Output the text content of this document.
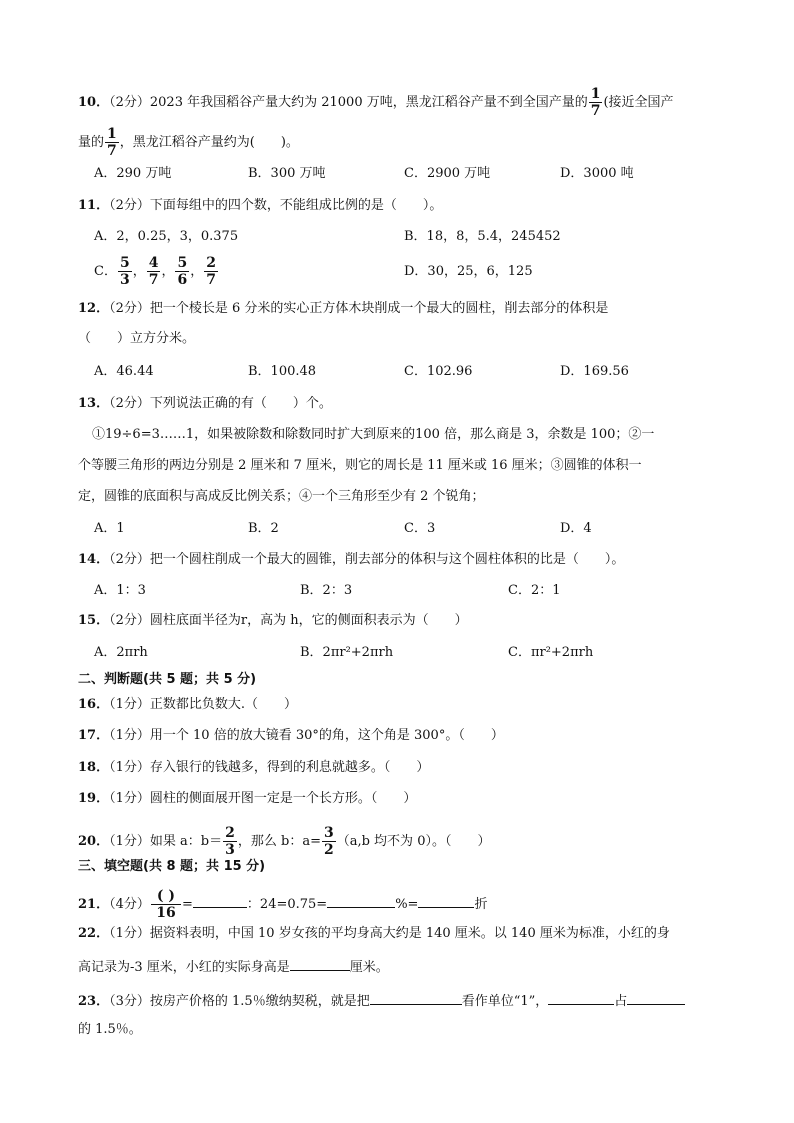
10．（2分）2023 年我国稻谷产量大约为 21000 万吨，黑龙江稻谷产量不到全国产量的 $\frac{1}{7}$ (接近全国产
量的 $\frac{1}{7}$ ，黑龙江稻谷产量约为(　　)。
A．290 万吨	B．300 万吨	C．2900 万吨	D．3000 吨
11．（2分）下面每组中的四个数，不能组成比例的是（　　）。
A．2，0.25，3，0.375	B．18，8，5.4，245452
C． $\frac{5}{3}$ ， $\frac{4}{7}$ ， $\frac{5}{6}$ ， $\frac{2}{7}$	D．30，25，6，125
12．（2分）把一个棱长是 6 分米的实心正方体木块削成一个最大的圆柱，削去部分的体积是
（　　）立方分米。
A．46.44	B．100.48	C．102.96	D．169.56
13．（2分）下列说法正确的有（　　）个。
①19÷6=3……1，如果被除数和除数同时扩大到原来的100 倍，那么商是 3，余数是 100；②一
个等腰三角形的两边分别是 2 厘米和 7 厘米，则它的周长是 11 厘米或 16 厘米；③圆锥的体积一
定，圆锥的底面积与高成反比例关系；④一个三角形至少有 2 个锐角；
A．1	B．2	C．3	D．4
14．（2分）把一个圆柱削成一个最大的圆锥，削去部分的体积与这个圆柱体积的比是（　　）。
A．1：3	B．2：3	C．2：1
15．（2分）圆柱底面半径为r，高为 h，它的侧面积表示为（　　）
A．2πrh	B．2πr²+2πrh	C．πr²+2πrh
二、判断题(共 5 题；共 5 分)
16．（1分）正数都比负数大.（　　）
17．（1分）用一个 10 倍的放大镜看 30°的角，这个角是 300°。（　　）
18．（1分）存入银行的钱越多，得到的利息就越多。（　　）
19．（1分）圆柱的侧面展开图一定是一个长方形。（　　）
20．（1分）如果 a：$b= \frac{2}{3}$ ，那么 b：$a= \frac{3}{2} (a,b$ 均不为 0）。（　　）
三、填空题(共 8 题；共 15 分)
21．（4分） $\frac{( )}{16}$ =	：24=0.75=	%=	折
22．（1分）据资料表明，中国 10 岁女孩的平均身高大约是 140 厘米。以 140 厘米为标准，小红的身
高记录为-3 厘米，小红的实际身高是	厘米。
23．（3分）按房产价格的 1.5％缴纳契税，就是把	看作单位“1”，	占
的 1.5％。
